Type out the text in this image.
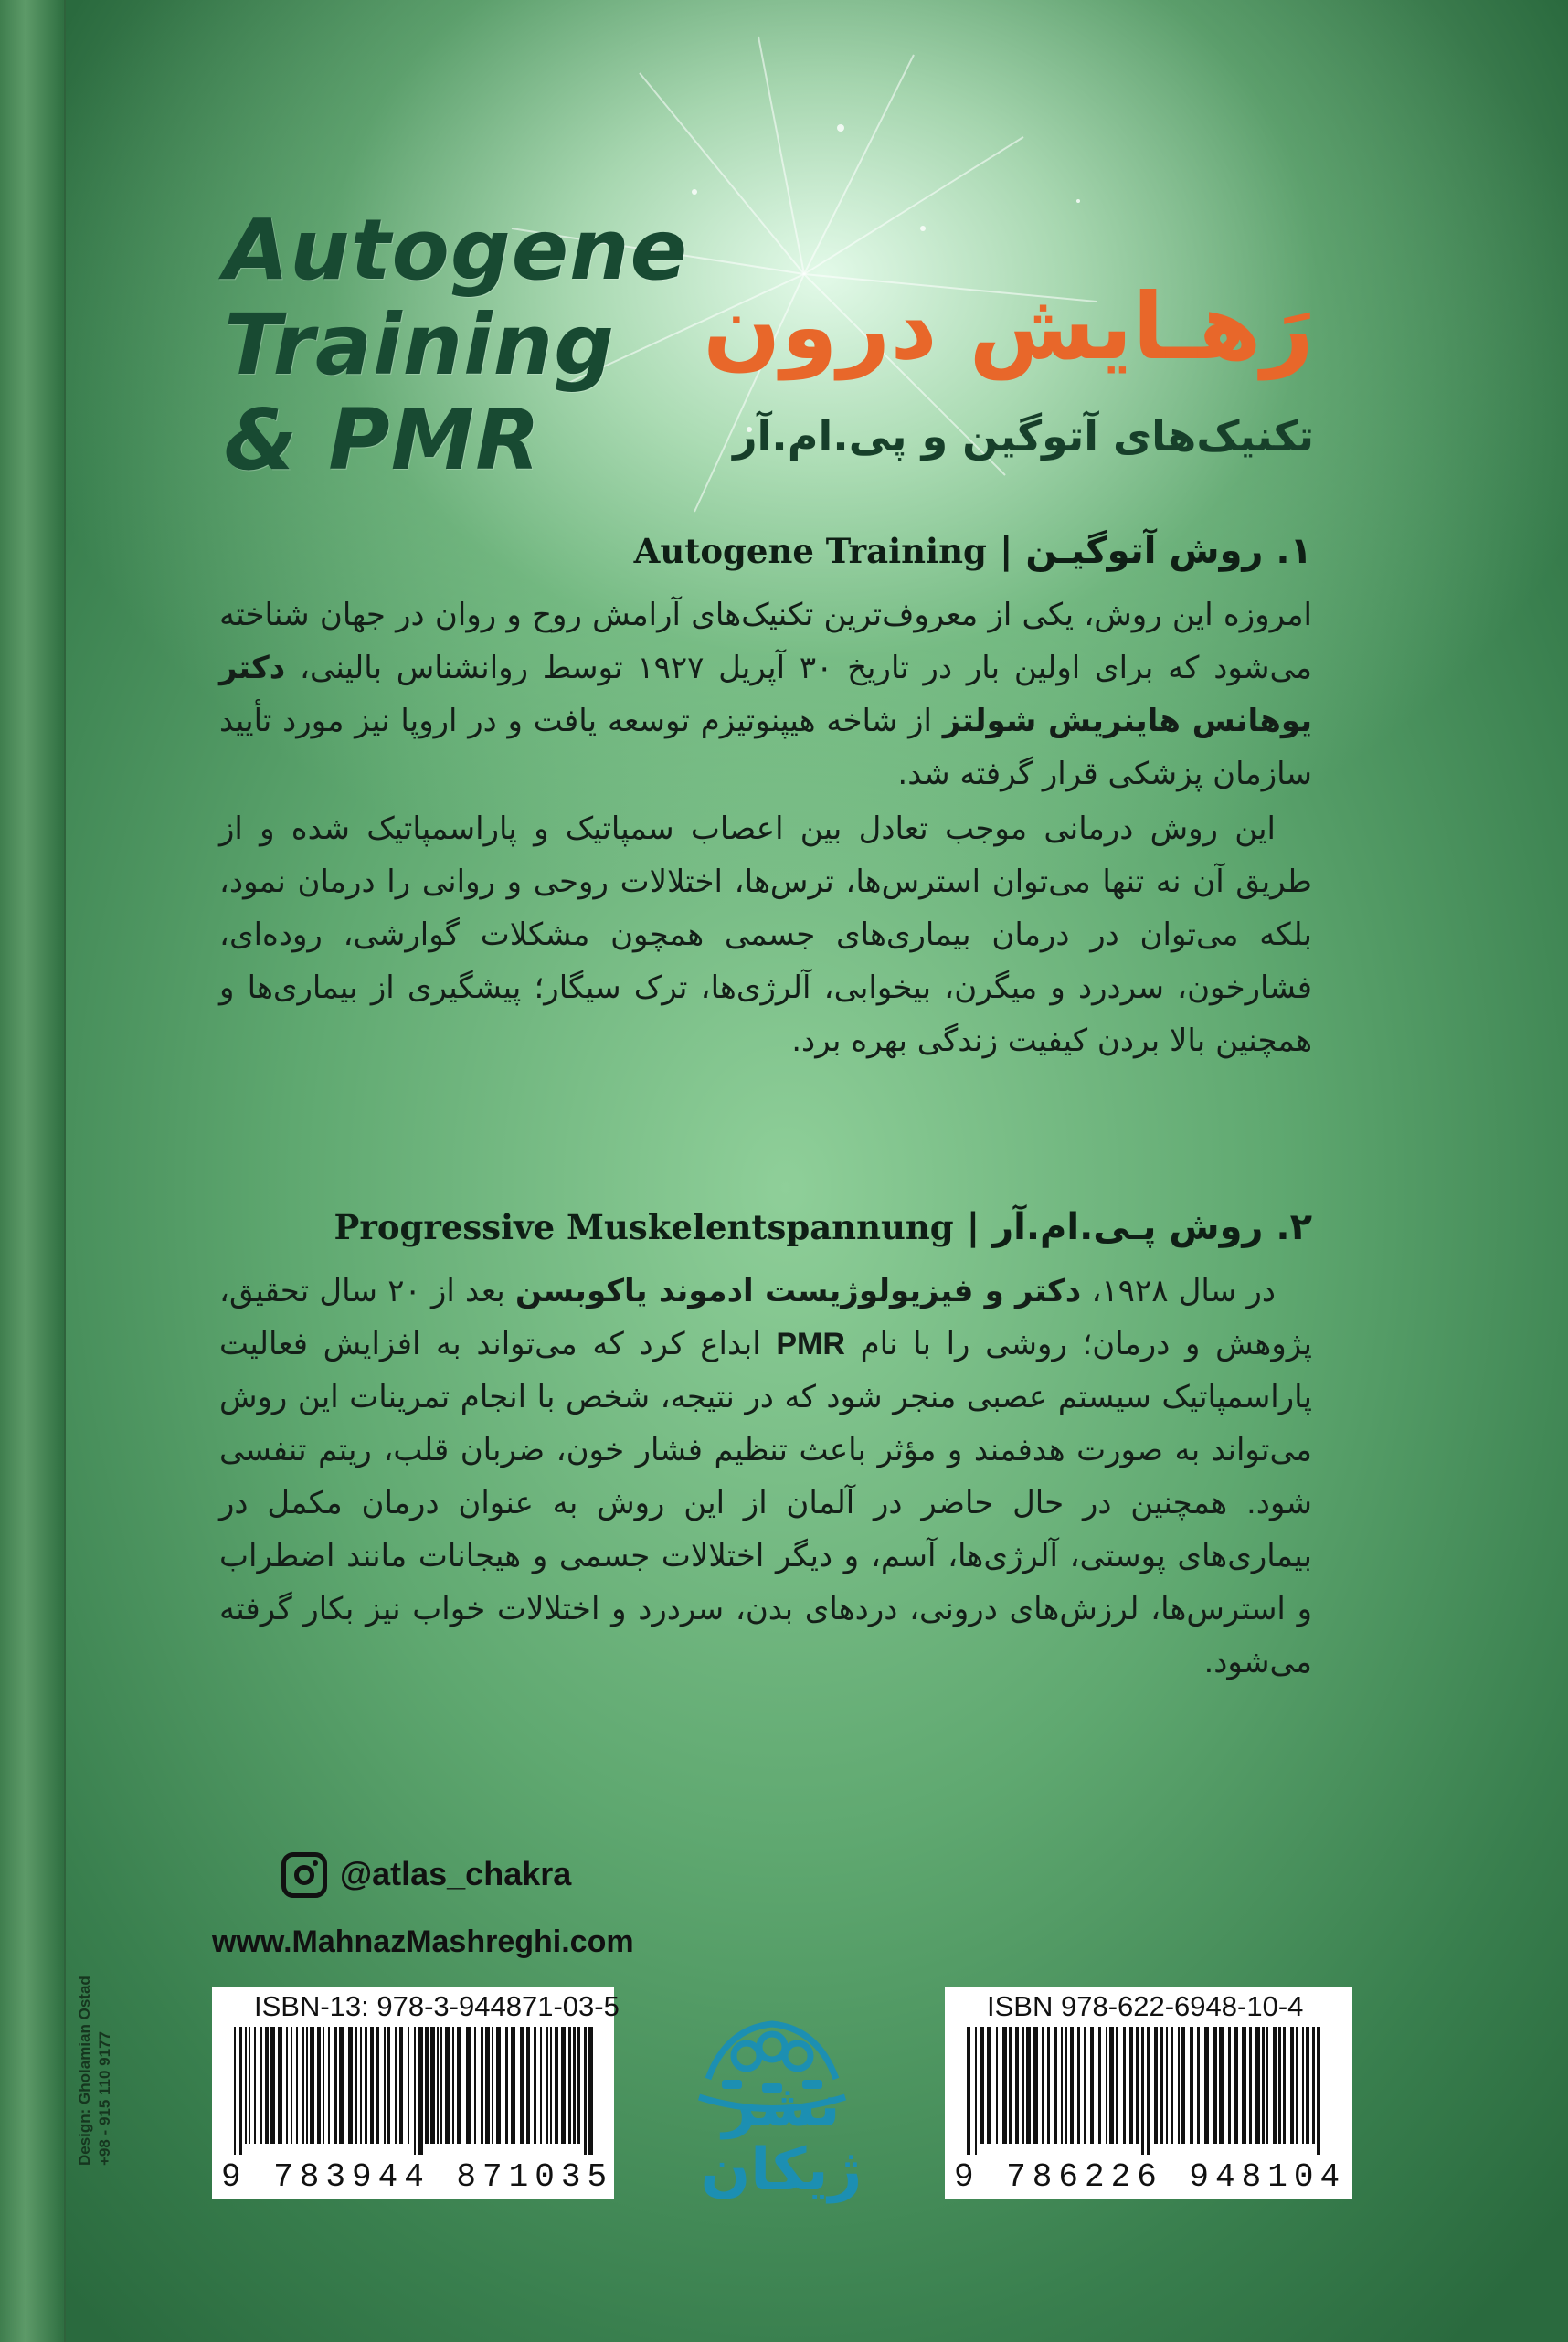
Autogene
Training
& PMR
رَهـایش درون
تکنیک‌های آتوگین و پی.ام.آر
۱. روش آتوگیـن | Autogene Training

امروزه این روش، یکی از معروف‌ترین تکنیک‌های آرامش روح و روان در جهان شناخته می‌شود که برای اولین بار در تاریخ ۳۰ آپریل ۱۹۲۷ توسط روانشناس بالینی، دکتر یوهانس هاینریش شولتز از شاخه هیپنوتیزم توسعه یافت و در اروپا نیز مورد تأیید سازمان پزشکی قرار گرفته شد.

این روش درمانی موجب تعادل بین اعصاب سمپاتیک و پاراسمپاتیک شده و از طریق آن نه تنها می‌توان استرس‌ها، ترس‌ها، اختلالات روحی و روانی را درمان نمود، بلکه می‌توان در درمان بیماری‌های جسمی همچون مشکلات گوارشی، روده‌ای، فشارخون، سردرد و میگرن، بیخوابی، آلرژی‌ها، ترک سیگار؛ پیشگیری از بیماری‌ها و همچنین بالا بردن کیفیت زندگی بهره برد.

۲. روش پـی.ام.آر | Progressive Muskelentspannung

در سال ۱۹۲۸، دکتر و فیزیولوژیست ادموند یاکوبسن بعد از ۲۰ سال تحقیق، پژوهش و درمان؛ روشی را با نام PMR ابداع کرد که می‌تواند به افزایش فعالیت پاراسمپاتیک سیستم عصبی منجر شود که در نتیجه، شخص با انجام تمرینات این روش می‌تواند به صورت هدفمند و مؤثر باعث تنظیم فشار خون، ضربان قلب، ریتم تنفسی شود. همچنین در حال حاضر در آلمان از این روش به عنوان درمان مکمل در بیماری‌های پوستی، آلرژی‌ها، آسم، و دیگر اختلالات جسمی و هیجانات مانند اضطراب و استرس‌ها، لرزش‌های درونی، دردهای بدن، سردرد و اختلالات خواب نیز بکار گرفته می‌شود.

@atlas_chakra
www.MahnazMashreghi.com
ISBN-13: 978-3-944871-03-5
9 783944 871035
ISBN 978-622-6948-10-4
9 786226 948104
نشر
ژیکان
Design: Gholamian Ostad +98 - 915 110 9177
